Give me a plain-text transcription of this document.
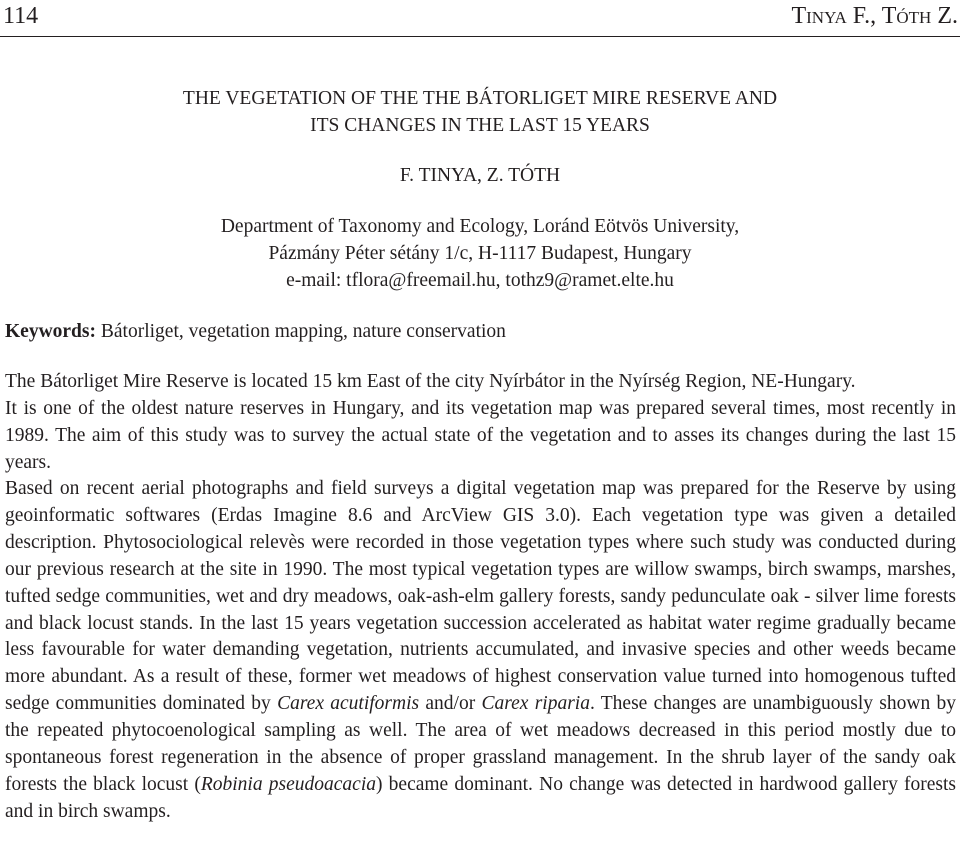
114	Tinya F., Tóth Z.
THE VEGETATION OF THE THE BÁTORLIGET MIRE RESERVE AND
ITS CHANGES IN THE LAST 15 YEARS
F. TINYA, Z. TÓTH
Department of Taxonomy and Ecology, Loránd Eötvös University,
Pázmány Péter sétány 1/c, H-1117 Budapest, Hungary
e-mail: tflora@freemail.hu, tothz9@ramet.elte.hu
Keywords: Bátorliget, vegetation mapping, nature conservation

The Bátorliget Mire Reserve is located 15 km East of the city Nyírbátor in the Nyírség Region, NE-Hungary.

It is one of the oldest nature reserves in Hungary, and its vegetation map was prepared several times, most recently in 1989. The aim of this study was to survey the actual state of the vegetation and to asses its changes during the last 15 years.

Based on recent aerial photographs and field surveys a digital vegetation map was prepared for the Reserve by using geoinformatic softwares (Erdas Imagine 8.6 and ArcView GIS 3.0). Each vegetation type was given a detailed description. Phytosociological relevès were recorded in those vegetation types where such study was conducted during our previous research at the site in 1990. The most typical vegetation types are willow swamps, birch swamps, marshes, tufted sedge communities, wet and dry meadows, oak-ash-elm gallery forests, sandy pedunculate oak - silver lime forests and black locust stands. In the last 15 years vegetation succession accelerated as habitat water regime gradually became less favourable for water demanding vegetation, nutrients accumulated, and invasive species and other weeds became more abundant. As a result of these, former wet meadows of highest conservation value turned into homogenous tufted sedge communities dominated by Carex acutiformis and/or Carex riparia. These changes are unambiguously shown by the repeated phytocoenological sampling as well. The area of wet meadows decreased in this period mostly due to spontaneous forest regeneration in the absence of proper grassland management. In the shrub layer of the sandy oak forests the black locust (Robinia pseudoacacia) became dominant. No change was detected in hardwood gallery forests and in birch swamps.
